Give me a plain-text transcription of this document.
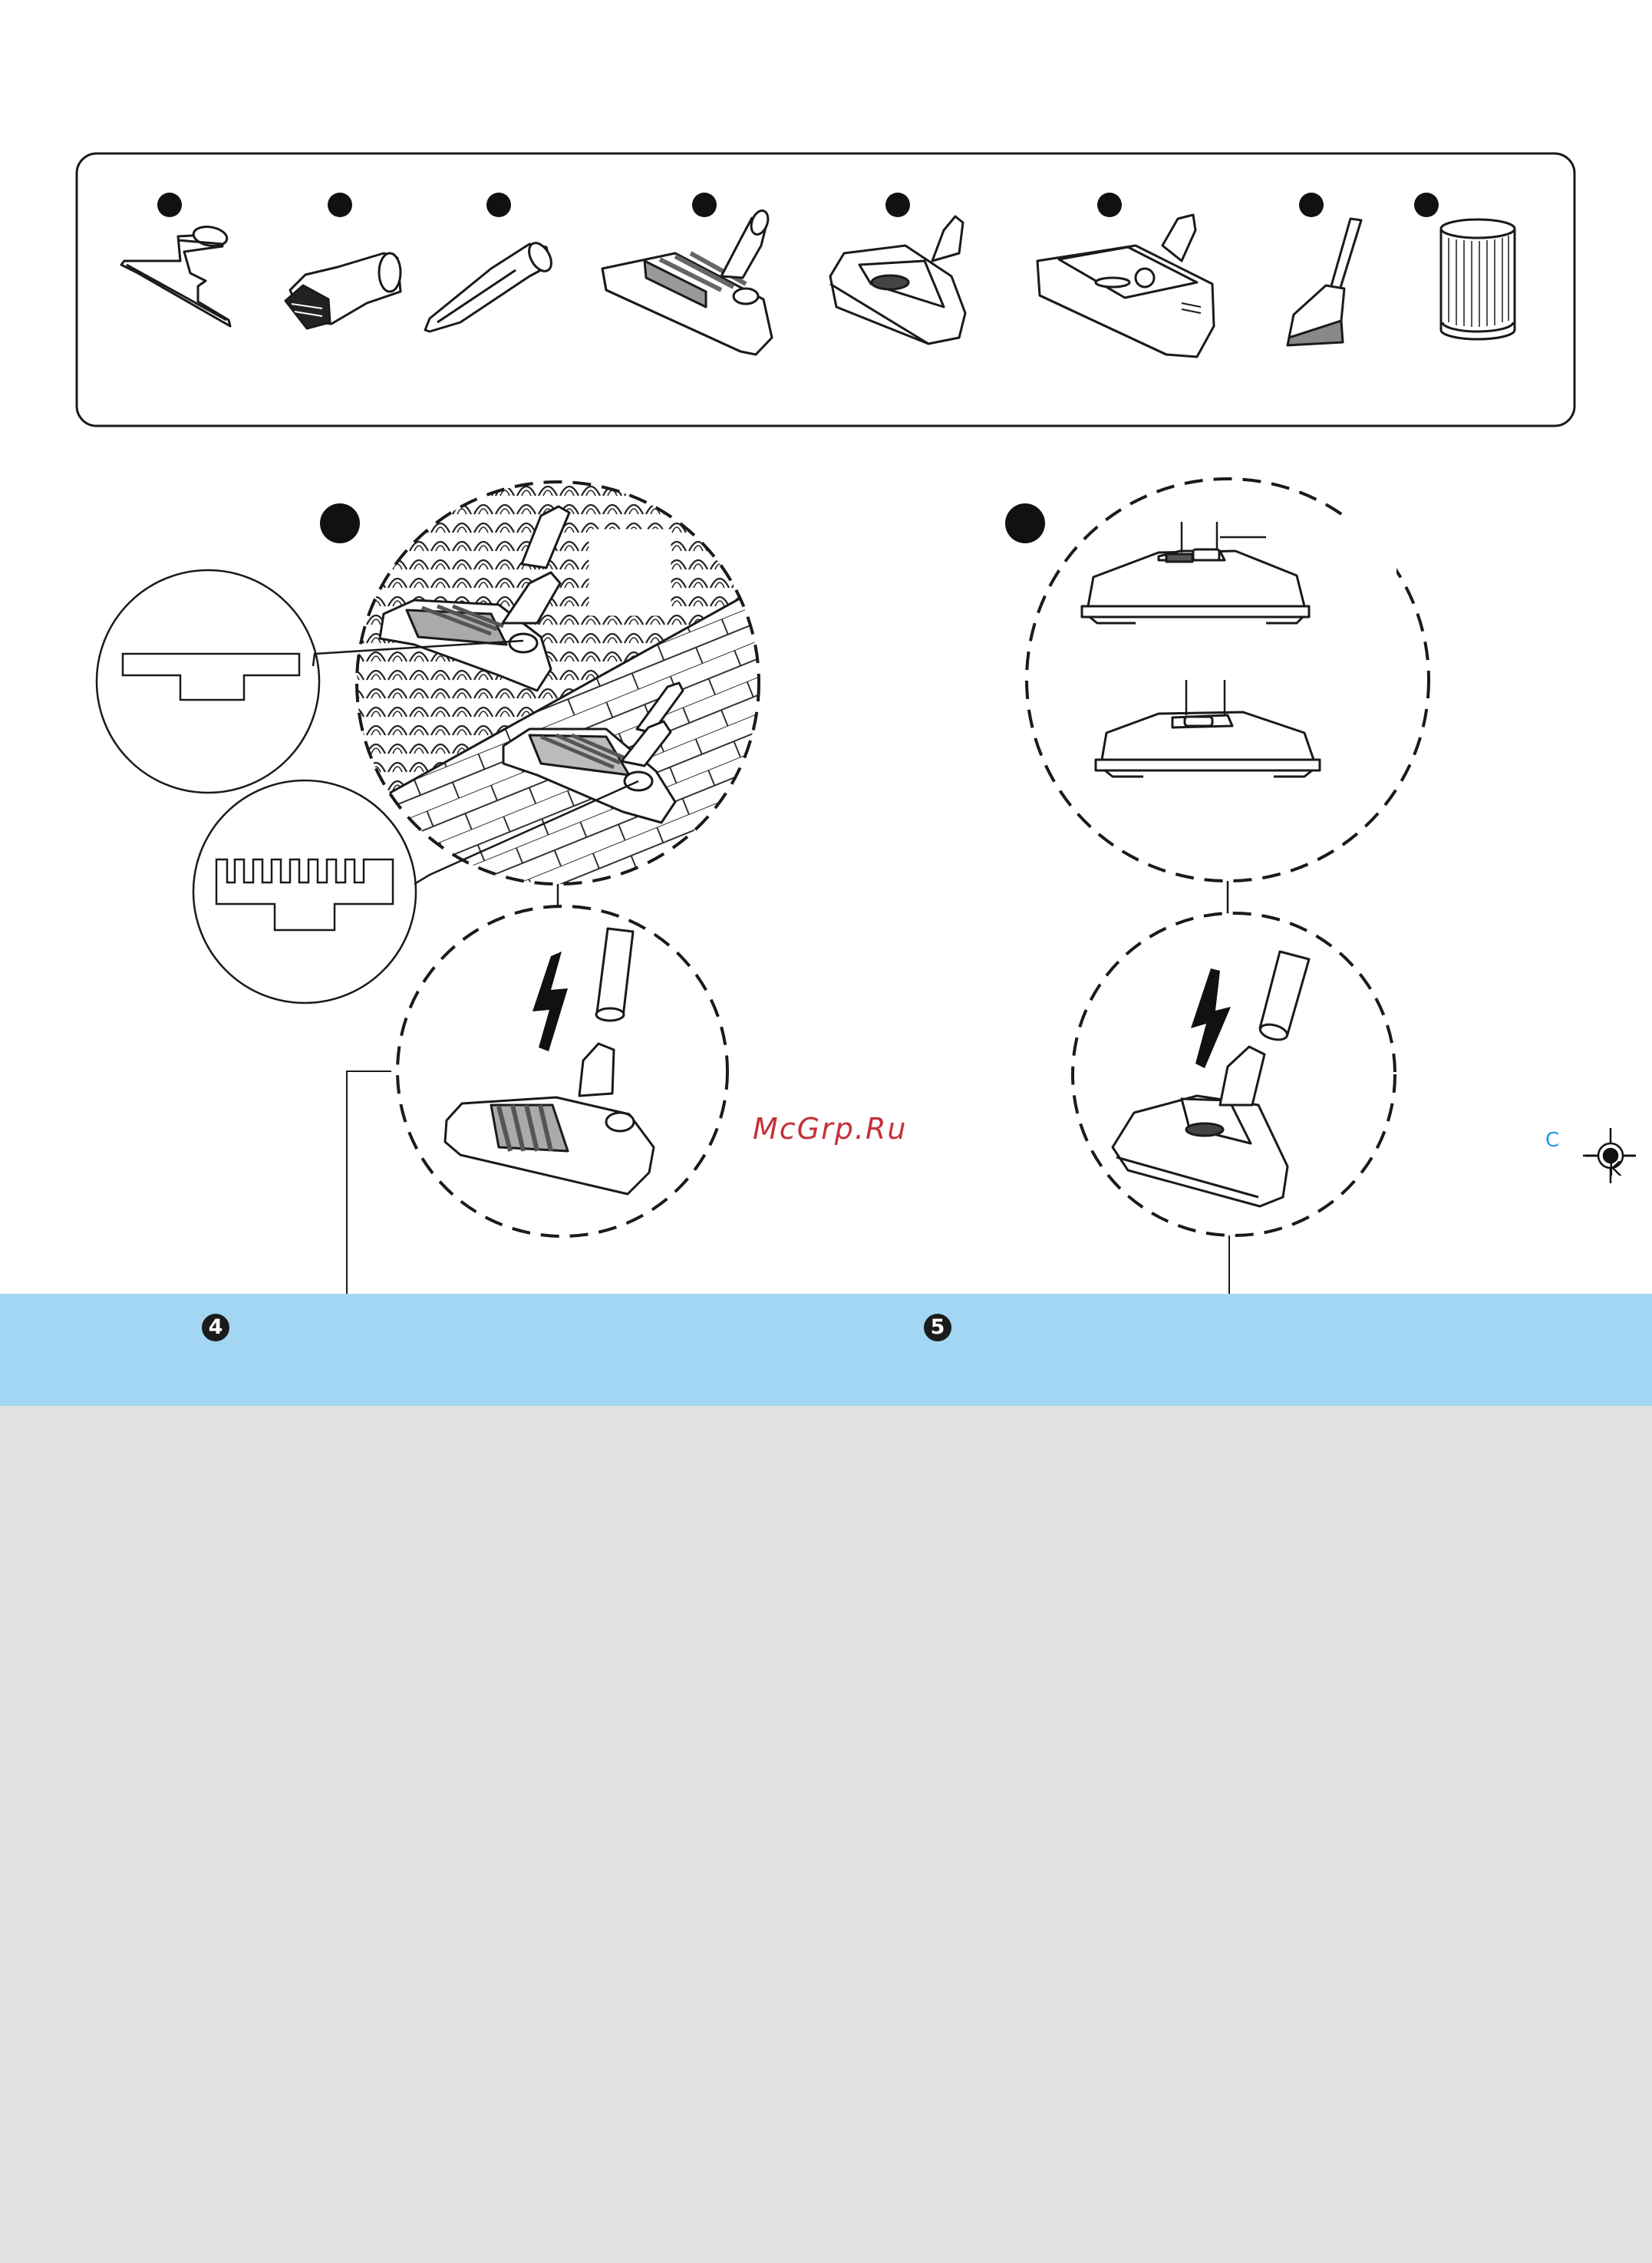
McGrp.Ru	C
K
4	5
